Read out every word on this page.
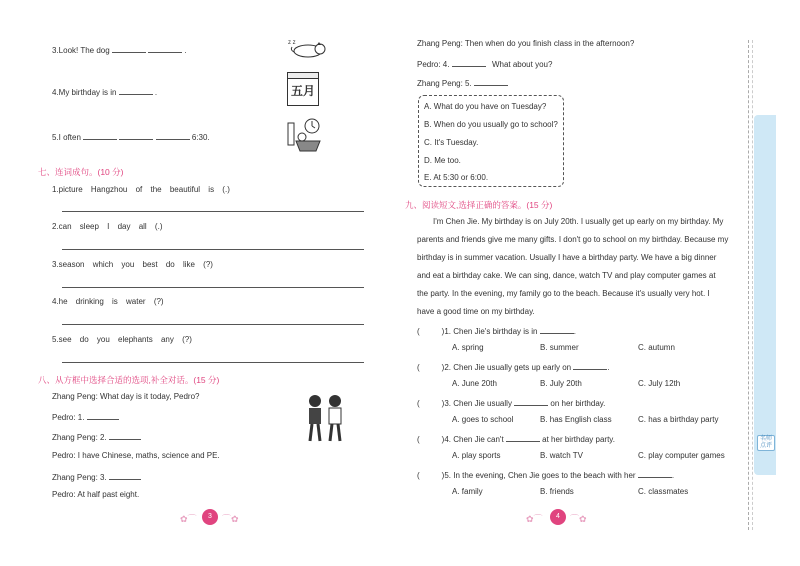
3.Look! The dog	.
z z
4.My birthday is in	.	五月
5.I often	6:30.
七、连词成句。(10 分)
1.picture Hangzhou of the beautiful is (.)
2.can sleep I day all (.)
3.season which you best do like (?)
4.he drinking is water (?)
5.see do you elephants any (?)
八、从方框中选择合适的选项,补全对话。(15 分)
Zhang Peng: What day is it today, Pedro?
Pedro: 1.
Zhang Peng: 2.
Pedro: I have Chinese, maths, science and PE.
Zhang Peng: 3.
Pedro: At half past eight.
✿⌒	3	⌒✿
Zhang Peng: Then when do you finish class in the afternoon?
Pedro: 4.	What about you?
Zhang Peng: 5.
A. What do you have on Tuesday?
B. When do you usually go to school?
C. It's Tuesday.
D. Me too.
E. At 5:30 or 6:00.
九、阅读短文,选择正确的答案。(15 分)
I'm Chen Jie. My birthday is on July 20th. I usually get up early on my birthday. My
parents and friends give me many gifts. I don't go to school on my birthday. Because my
birthday is in summer vacation. Usually I have a birthday party. We have a big dinner
and eat a birthday cake. We can sing, dance, watch TV and play computer games at
the party. In the evening, my family go to the beach. Because it's usually very hot. I
have a good time on my birthday.
(	)1. Chen Jie's birthday is in	.
A. spring	B. summer	C. autumn
(	)2. Chen Jie usually gets up early on	.
A. June 20th	B. July 20th	C. July 12th
(	)3. Chen Jie usually	on her birthday.
A. goes to school	B. has English class	C. has a birthday party
(	)4. Chen Jie can't	at her birthday party.
A. play sports	B. watch TV	C. play computer games
(	)5. In the evening, Chen Jie goes to the beach with her	.
A. family	B. friends	C. classmates
✿⌒	4	⌒✿
名师点评
